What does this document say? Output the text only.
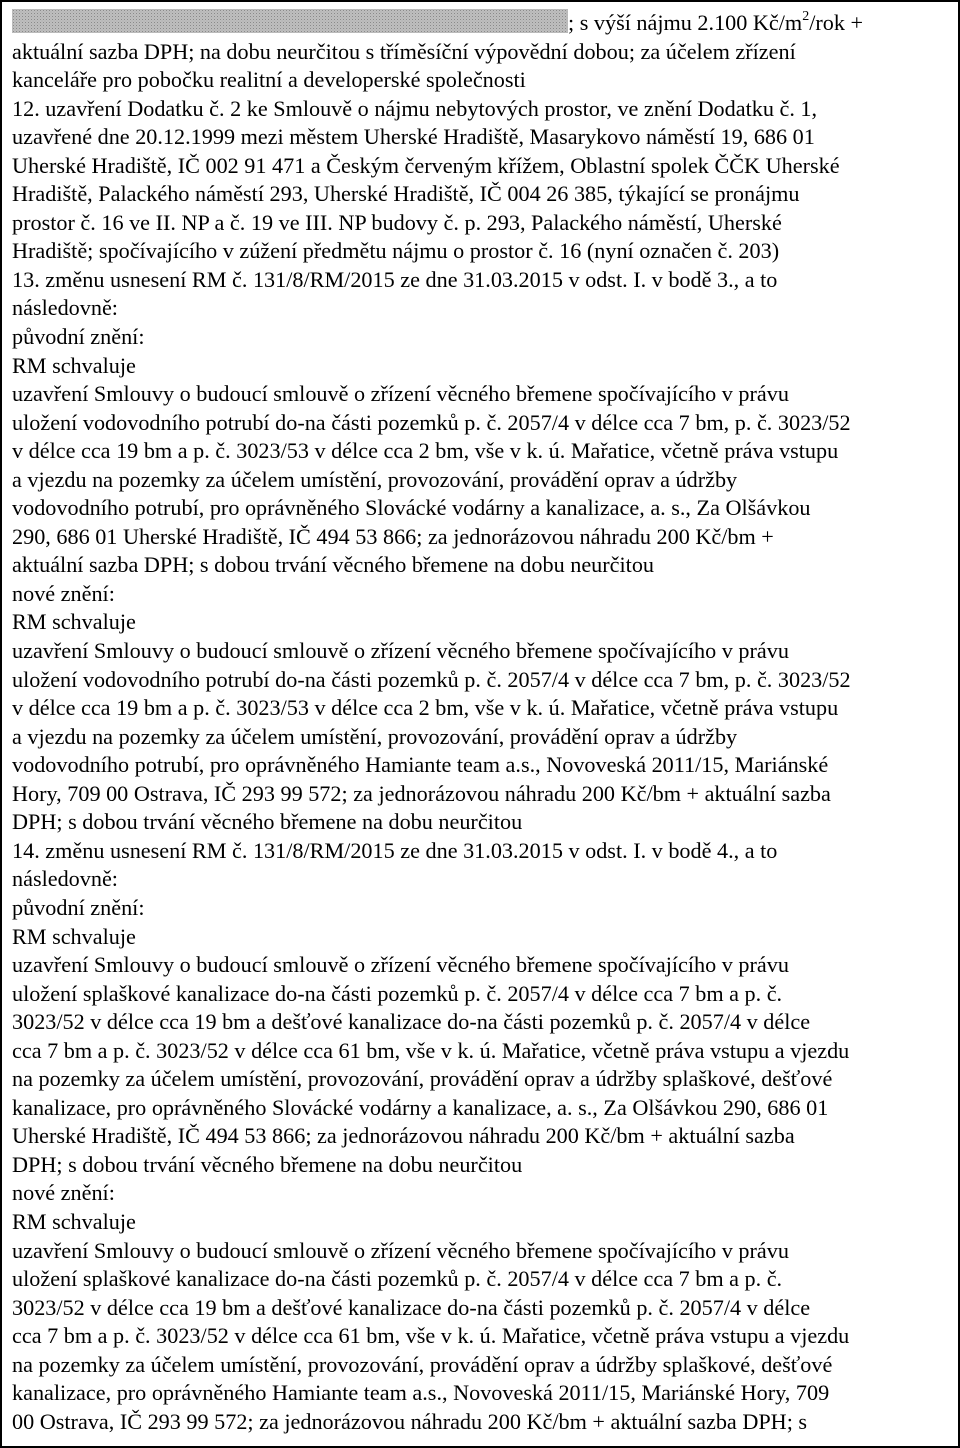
; s výší nájmu 2.100 $Kč/m^2$/rok +
aktuální sazba DPH; na dobu neurčitou s tříměsíční výpovědní dobou; za účelem zřízení
kanceláře pro pobočku realitní a developerské společnosti
12. uzavření Dodatku č. 2 ke Smlouvě o nájmu nebytových prostor, ve znění Dodatku č. 1,
uzavřené dne 20.12.1999 mezi městem Uherské Hradiště, Masarykovo náměstí 19, 686 01
Uherské Hradiště, IČ 002 91 471 a Českým červeným křížem, Oblastní spolek ČČK Uherské
Hradiště, Palackého náměstí 293, Uherské Hradiště, IČ 004 26 385, týkající se pronájmu
prostor č. 16 ve II. NP a č. 19 ve III. NP budovy č. p. 293, Palackého náměstí, Uherské
Hradiště; spočívajícího v zúžení předmětu nájmu o prostor č. 16 (nyní označen č. 203)
13. změnu usnesení RM č. 131/8/RM/2015 ze dne 31.03.2015 v odst. I. v bodě 3., a to
následovně:
původní znění:
RM schvaluje
uzavření Smlouvy o budoucí smlouvě o zřízení věcného břemene spočívajícího v právu
uložení vodovodního potrubí do-na části pozemků p. č. 2057/4 v délce cca 7 bm, p. č. 3023/52
v délce cca 19 bm a p. č. 3023/53 v délce cca 2 bm, vše v k. ú. Mařatice, včetně práva vstupu
a vjezdu na pozemky za účelem umístění, provozování, provádění oprav a údržby
vodovodního potrubí, pro oprávněného Slovácké vodárny a kanalizace, a. s., Za Olšávkou
290, 686 01 Uherské Hradiště, IČ 494 53 866; za jednorázovou náhradu 200 Kč/bm +
aktuální sazba DPH; s dobou trvání věcného břemene na dobu neurčitou
nové znění:
RM schvaluje
uzavření Smlouvy o budoucí smlouvě o zřízení věcného břemene spočívajícího v právu
uložení vodovodního potrubí do-na části pozemků p. č. 2057/4 v délce cca 7 bm, p. č. 3023/52
v délce cca 19 bm a p. č. 3023/53 v délce cca 2 bm, vše v k. ú. Mařatice, včetně práva vstupu
a vjezdu na pozemky za účelem umístění, provozování, provádění oprav a údržby
vodovodního potrubí, pro oprávněného Hamiante team a.s., Novoveská 2011/15, Mariánské
Hory, 709 00 Ostrava, IČ 293 99 572; za jednorázovou náhradu 200 Kč/bm + aktuální sazba
DPH; s dobou trvání věcného břemene na dobu neurčitou
14. změnu usnesení RM č. 131/8/RM/2015 ze dne 31.03.2015 v odst. I. v bodě 4., a to
následovně:
původní znění:
RM schvaluje
uzavření Smlouvy o budoucí smlouvě o zřízení věcného břemene spočívajícího v právu
uložení splaškové kanalizace do-na části pozemků p. č. 2057/4 v délce cca 7 bm a p. č.
3023/52 v délce cca 19 bm a dešťové kanalizace do-na části pozemků p. č. 2057/4 v délce
cca 7 bm a p. č. 3023/52 v délce cca 61 bm, vše v k. ú. Mařatice, včetně práva vstupu a vjezdu
na pozemky za účelem umístění, provozování, provádění oprav a údržby splaškové, dešťové
kanalizace, pro oprávněného Slovácké vodárny a kanalizace, a. s., Za Olšávkou 290, 686 01
Uherské Hradiště, IČ 494 53 866; za jednorázovou náhradu 200 Kč/bm + aktuální sazba
DPH; s dobou trvání věcného břemene na dobu neurčitou
nové znění:
RM schvaluje
uzavření Smlouvy o budoucí smlouvě o zřízení věcného břemene spočívajícího v právu
uložení splaškové kanalizace do-na části pozemků p. č. 2057/4 v délce cca 7 bm a p. č.
3023/52 v délce cca 19 bm a dešťové kanalizace do-na části pozemků p. č. 2057/4 v délce
cca 7 bm a p. č. 3023/52 v délce cca 61 bm, vše v k. ú. Mařatice, včetně práva vstupu a vjezdu
na pozemky za účelem umístění, provozování, provádění oprav a údržby splaškové, dešťové
kanalizace, pro oprávněného Hamiante team a.s., Novoveská 2011/15, Mariánské Hory, 709
00 Ostrava, IČ 293 99 572; za jednorázovou náhradu 200 Kč/bm + aktuální sazba DPH; s
